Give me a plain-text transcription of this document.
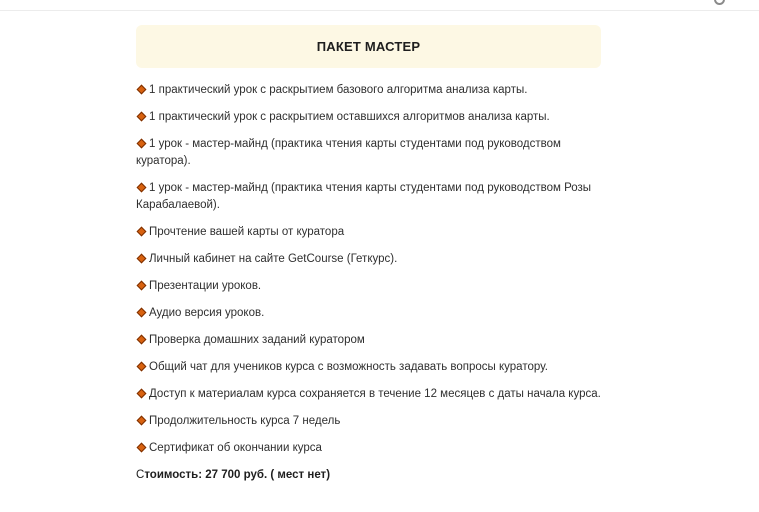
ПАКЕТ МАСТЕР
1 практический урок с раскрытием базового алгоритма анализа карты.
1 практический урок с раскрытием оставшихся алгоритмов анализа карты.
1 урок - мастер-майнд (практика чтения карты студентами под руководством куратора).
1 урок - мастер-майнд (практика чтения карты студентами под руководством Розы Карабалаевой).
Прочтение вашей карты от куратора
Личный кабинет на сайте GetCourse (Геткурс).
Презентации уроков.
Аудио версия уроков.
Проверка домашних заданий куратором
Общий чат для учеников курса с возможность задавать вопросы куратору.
Доступ к материалам курса сохраняется в течение 12 месяцев с даты начала курса.
Продолжительность курса 7 недель
Сертификат об окончании курса
Стоимость: 27 700 руб. ( мест нет)
